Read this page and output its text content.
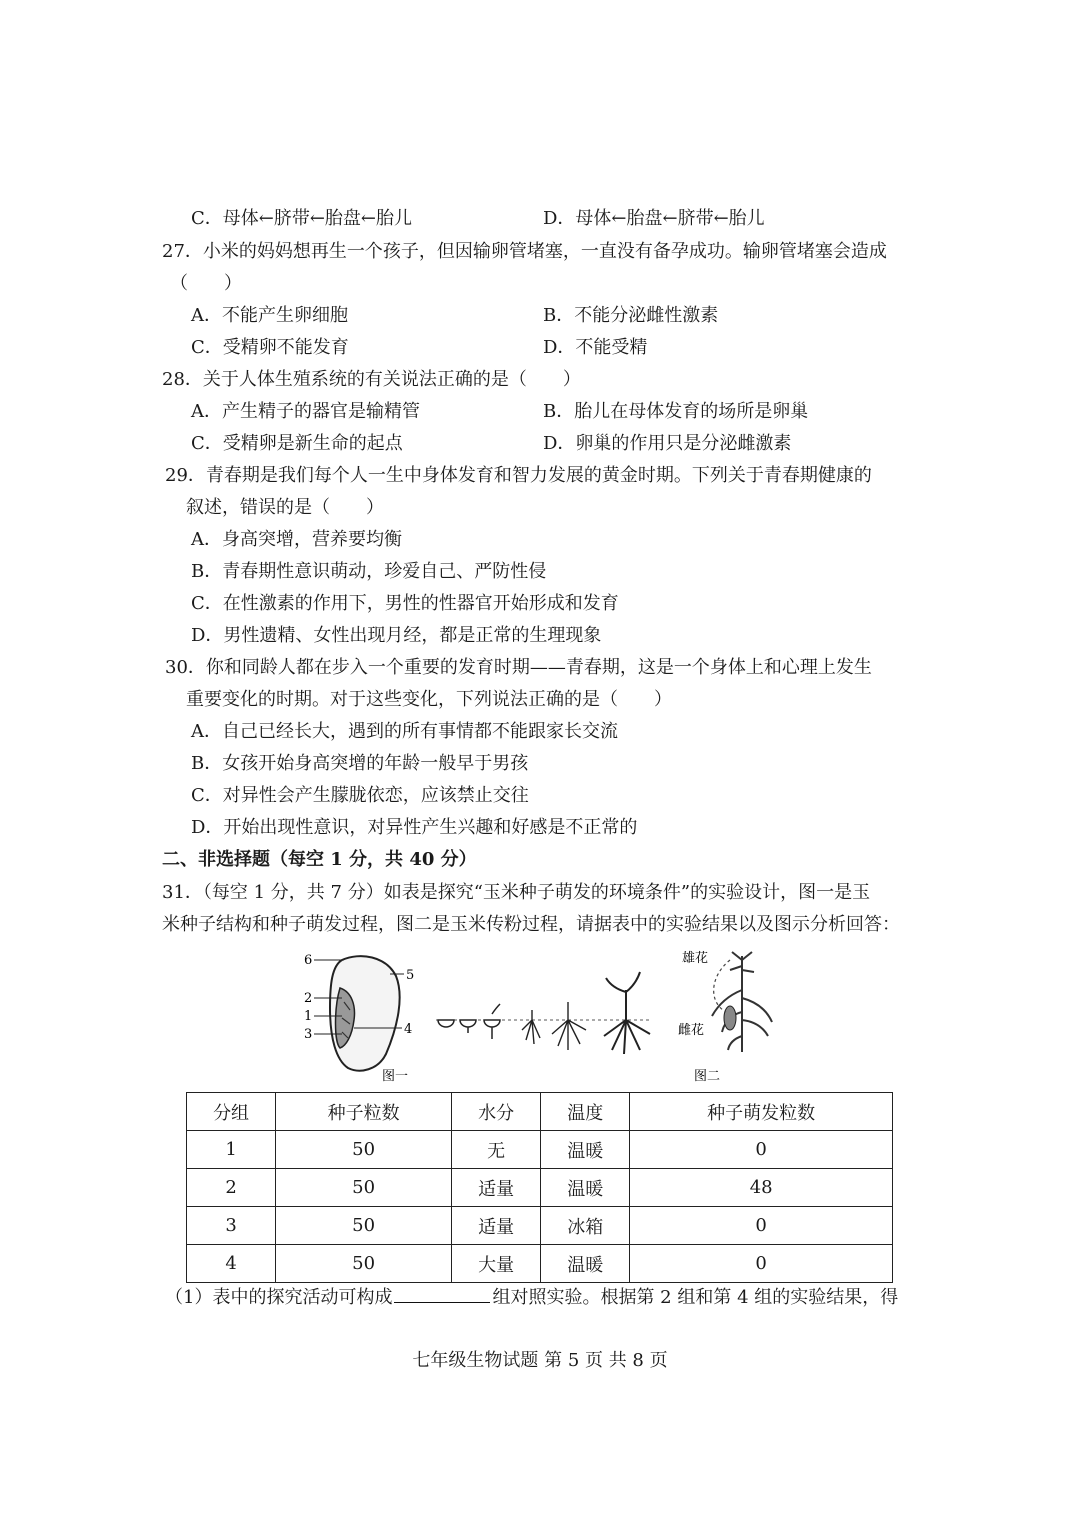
C．母体←脐带←胎盘←胎儿	D．母体←胎盘←脐带←胎儿
27．小米的妈妈想再生一个孩子，但因输卵管堵塞，一直没有备孕成功。输卵管堵塞会造成
（　　）
A．不能产生卵细胞	B．不能分泌雌性激素
C．受精卵不能发育	D．不能受精
28．关于人体生殖系统的有关说法正确的是（　　）
A．产生精子的器官是输精管	B．胎儿在母体发育的场所是卵巢
C．受精卵是新生命的起点	D．卵巢的作用只是分泌雌激素
29．青春期是我们每个人一生中身体发育和智力发展的黄金时期。下列关于青春期健康的
叙述，错误的是（　　）
A．身高突增，营养要均衡
B．青春期性意识萌动，珍爱自己、严防性侵
C．在性激素的作用下，男性的性器官开始形成和发育
D．男性遗精、女性出现月经，都是正常的生理现象
30．你和同龄人都在步入一个重要的发育时期——青春期，这是一个身体上和心理上发生
重要变化的时期。对于这些变化，下列说法正确的是（　　）
A．自己已经长大，遇到的所有事情都不能跟家长交流
B．女孩开始身高突增的年龄一般早于男孩
C．对异性会产生朦胧依恋，应该禁止交往
D．开始出现性意识，对异性产生兴趣和好感是不正常的
二、非选择题（每空 1 分，共 40 分）
31．（每空 1 分，共 7 分）如表是探究“玉米种子萌发的环境条件”的实验设计，图一是玉
米种子结构和种子萌发过程，图二是玉米传粉过程，请据表中的实验结果以及图示分析回答：
6
5
2
1
3	4
图一
雄花
雌花
图二
分组	种子粒数	水分	温度	种子萌发粒数
1	50	无	温暖	0
2	50	适量	温暖	48
3	50	适量	冰箱	0
4	50	大量	温暖	0
（1）表中的探究活动可构成	组对照实验。根据第 2 组和第 4 组的实验结果，得
七年级生物试题 第 5 页 共 8 页
